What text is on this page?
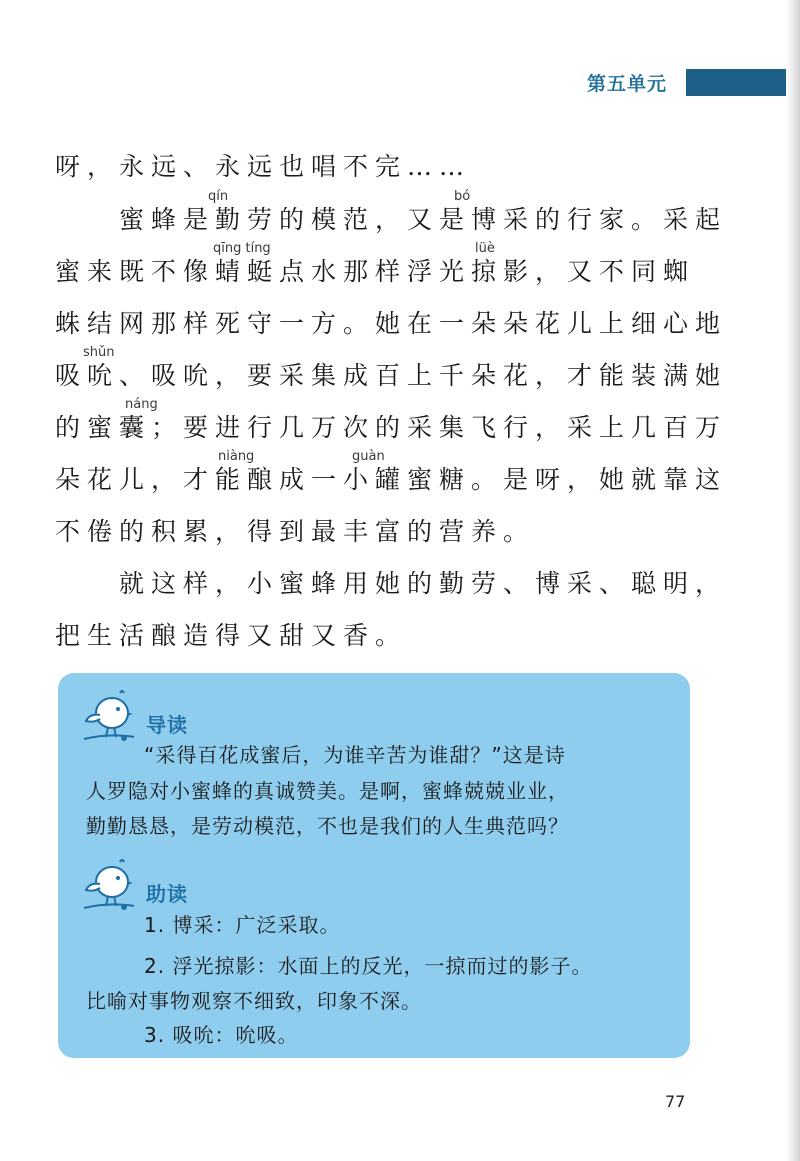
第五单元
呀，永远、永远也唱不完……
qín	bó
　　蜜蜂是勤劳的模范，又是博采的行家。采起
qīng tíng	lüè
蜜来既不像蜻蜓点水那样浮光掠影，又不同蜘
蛛结网那样死守一方。她在一朵朵花儿上细心地
shǔn
吸吮、吸吮，要采集成百上千朵花，才能装满她
náng
的蜜囊；要进行几万次的采集飞行，采上几百万
niàng	guàn
朵花儿，才能酿成一小罐蜜糖。是呀，她就靠这
不倦的积累，得到最丰富的营养。
　　就这样，小蜜蜂用她的勤劳、博采、聪明，
把生活酿造得又甜又香。
导读
“采得百花成蜜后，为谁辛苦为谁甜？”这是诗
人罗隐对小蜜蜂的真诚赞美。是啊，蜜蜂兢兢业业，
勤勤恳恳，是劳动模范，不也是我们的人生典范吗？
助读
1. 博采：广泛采取。
2. 浮光掠影：水面上的反光，一掠而过的影子。
比喻对事物观察不细致，印象不深。
3. 吸吮：吮吸。
77
